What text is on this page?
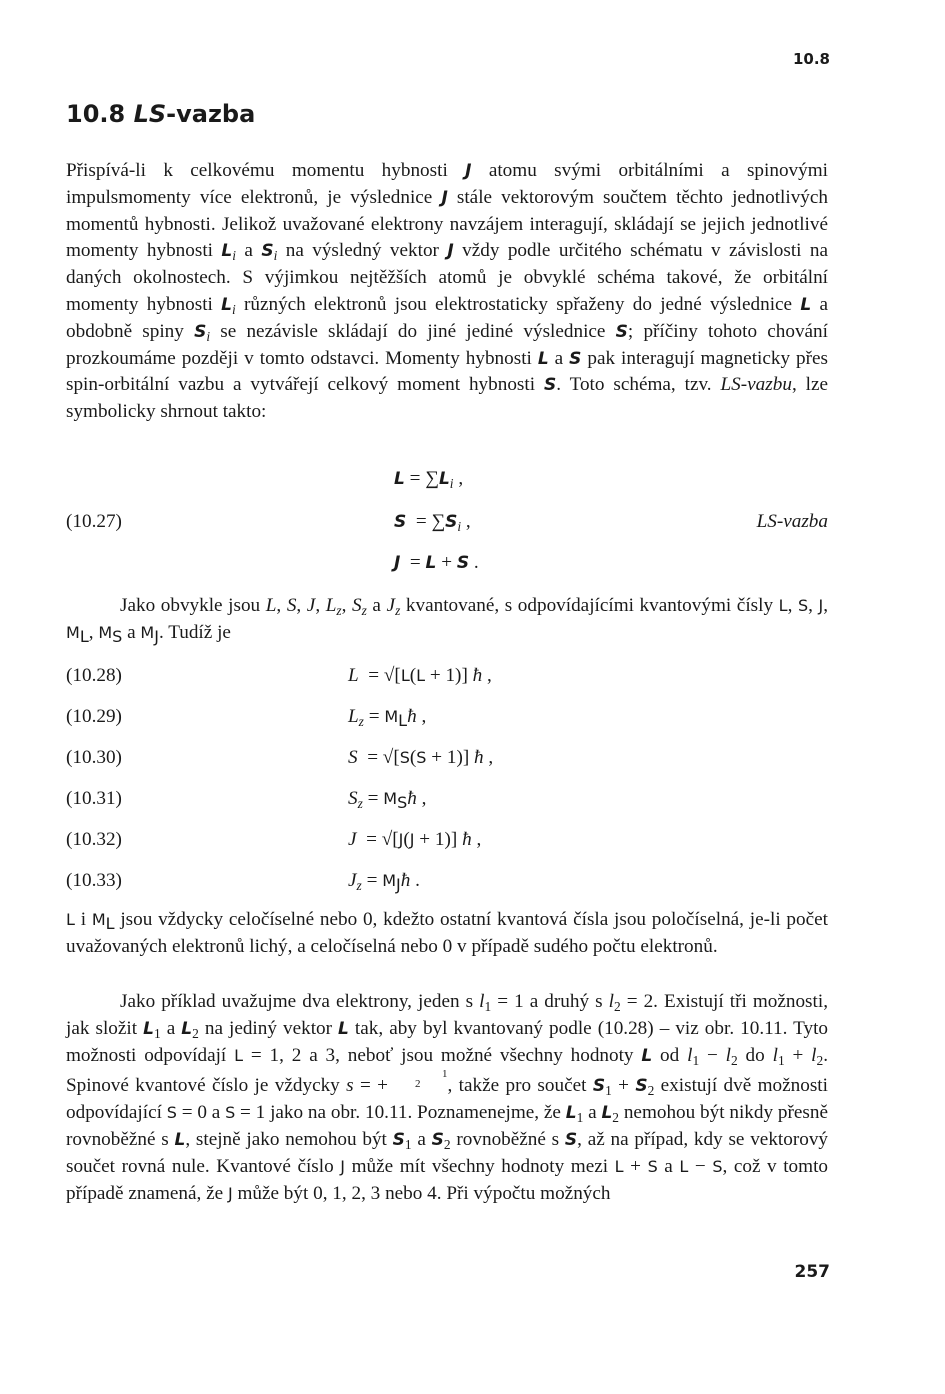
10.8
10.8 LS-vazba

Přispívá-li k celkovému momentu hybnosti J atomu svými orbitálními a spinovými impulsmomenty více elektronů, je výslednice J stále vektorovým součtem těchto jednotlivých momentů hybnosti. Jelikož uvažované elektrony navzájem interagují, skládají se jejich jednotlivé momenty hybnosti $L_i$ a $S_i$ na výsledný vektor J vždy podle určitého schématu v závislosti na daných okolnostech. S výjimkou nejtěžších atomů je obvyklé schéma takové, že orbitální momenty hybnosti $L_i$ různých elektronů jsou elektrostaticky spřaženy do jedné výslednice L a obdobně spiny $S_i$ se nezávisle skládají do jiné jediné výslednice S; příčiny tohoto chování prozkoumáme později v tomto odstavci. Momenty hybnosti L a S pak interagují magneticky přes spin-orbitální vazbu a vytvářejí celkový moment hybnosti S. Toto schéma, tzv. LS-vazbu, lze symbolicky shrnout takto:

$L = \sum L_i$ ,
(10.27)	$S = \sum S_i$ ,	LS-vazba
J  = L + S .

Jako obvykle jsou L, S, J, $L_z$, $S_z$ a $J_z$ kvantované, s odpovídajícími kvantovými čísly L, S, J, $M_L$, $M_S$ a $M_J$. Tudíž je

(10.28)	L  = √[L(L + 1)] ħ ,
(10.29)	$L_z$ = $M_Lħ$ ,
(10.30)	S  = √[S(S + 1)] ħ ,
(10.31)	$S_z$ = $M_Sħ$ ,
(10.32)	J  = √[J(J + 1)] ħ ,
(10.33)	$J_z$ = $M_Jħ$ .

L i $M_L$ jsou vždycky celočíselné nebo 0, kdežto ostatní kvantová čísla jsou poločíselná, je-li počet uvažovaných elektronů lichý, a celočíselná nebo 0 v případě sudého počtu elektronů.

Jako příklad uvažujme dva elektrony, jeden s $l_1 = 1$ a druhý s $l_2 = 2$. Existují tři možnosti, jak složit $L_1$ a $L_2$ na jediný vektor L tak, aby byl kvantovaný podle (10.28) – viz obr. 10.11. Tyto možnosti odpovídají L = 1, 2 a 3, neboť jsou možné všechny hodnoty L od $l_1 - l_2$ do $l_1 + l_2$. Spinové kvantové číslo je vždycky s = +1
2 , takže pro součet $S_1 + S_2$ existují dvě možnosti odpovídající S = 0 a S = 1 jako na obr. 10.11. Poznamenejme, že $L_1$ a $L_2$ nemohou být nikdy přesně rovnoběžné s L, stejně jako nemohou být $S_1$ a $S_2$ rovnoběžné s S, až na případ, kdy se vektorový součet rovná nule. Kvantové číslo J může mít všechny hodnoty mezi L + S a L − S, což v tomto případě znamená, že J může být 0, 1, 2, 3 nebo 4. Při výpočtu možných

257
